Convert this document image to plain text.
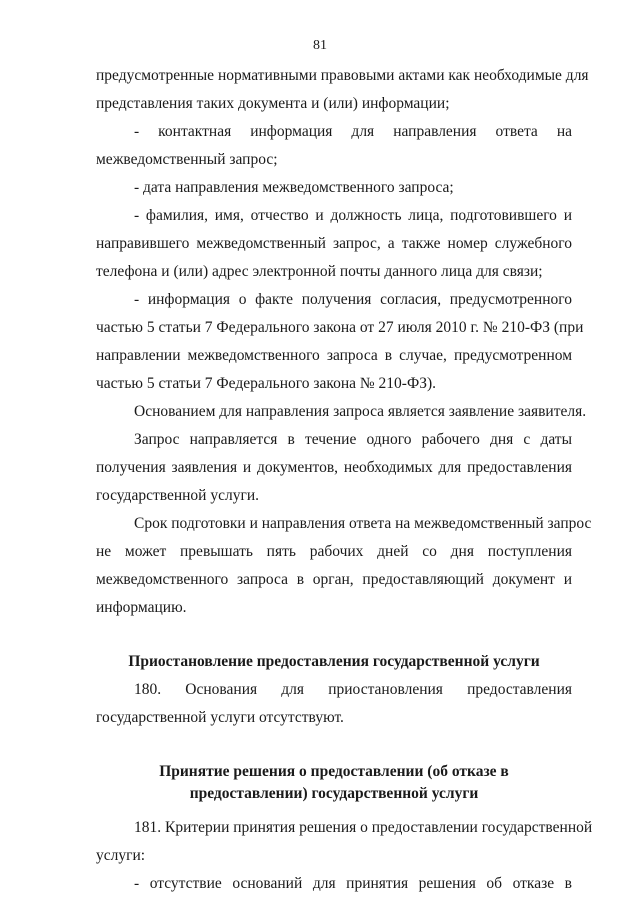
81

предусмотренные нормативными правовыми актами как необходимые для

представления таких документа и (или) информации;

- контактная информация для направления ответа на

межведомственный запрос;

- дата направления межведомственного запроса;

- фамилия, имя, отчество и должность лица, подготовившего и

направившего межведомственный запрос, а также номер служебного

телефона и (или) адрес электронной почты данного лица для связи;

- информация о факте получения согласия, предусмотренного

частью 5 статьи 7 Федерального закона от 27 июля 2010 г. № 210-ФЗ (при

направлении межведомственного запроса в случае, предусмотренном

частью 5 статьи 7 Федерального закона № 210-ФЗ).

Основанием для направления запроса является заявление заявителя.

Запрос направляется в течение одного рабочего дня с даты

получения заявления и документов, необходимых для предоставления

государственной услуги.

Срок подготовки и направления ответа на межведомственный запрос

не может превышать пять рабочих дней со дня поступления

межведомственного запроса в орган, предоставляющий документ и

информацию.

Приостановление предоставления государственной услуги

180. Основания для приостановления предоставления

государственной услуги отсутствуют.

Принятие решения о предоставлении (об отказе в

предоставлении) государственной услуги

181. Критерии принятия решения о предоставлении государственной

услуги:

- отсутствие оснований для принятия решения об отказе в
